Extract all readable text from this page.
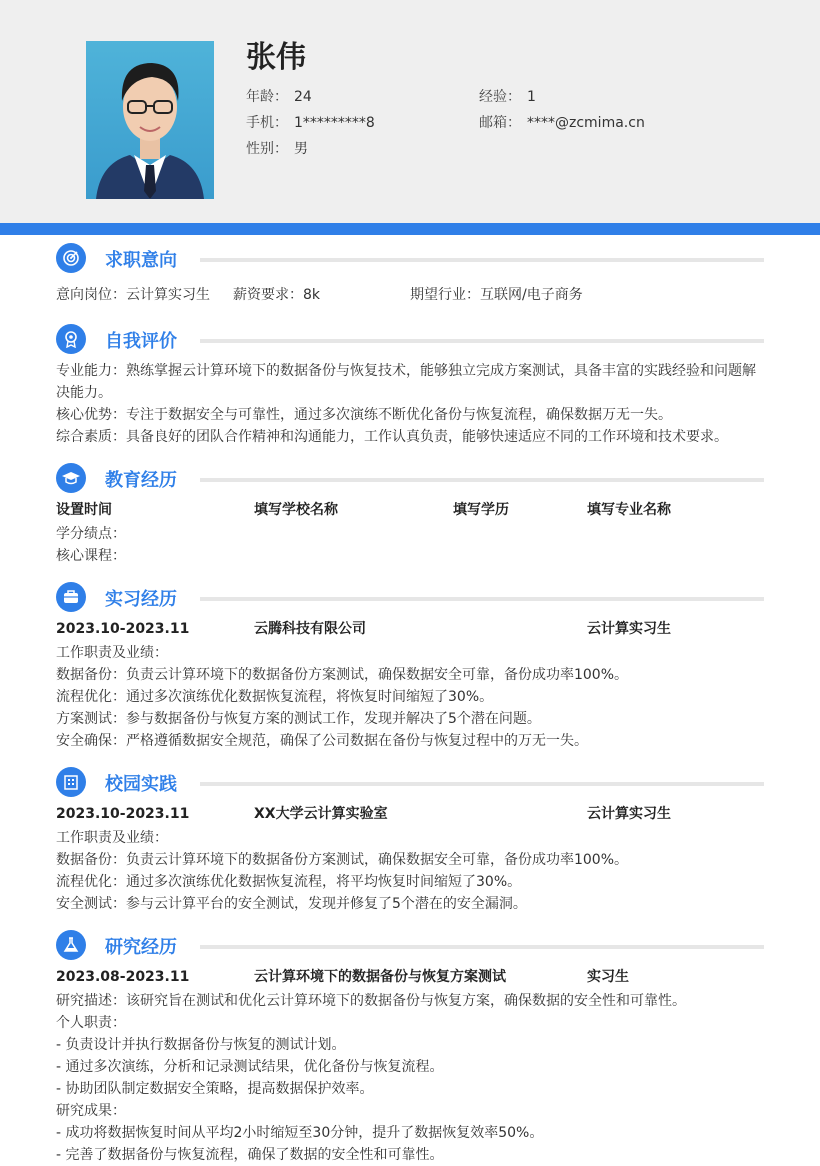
张伟
年龄： 24	经验： 1
手机： 1*********8	邮箱： ****@zcmima.cn
性别： 男
求职意向
意向岗位：云计算实习生 薪资要求：8k	期望行业：互联网/电子商务
自我评价
专业能力：熟练掌握云计算环境下的数据备份与恢复技术，能够独立完成方案测试，具备丰富的实践经验和问题解决能力。
核心优势：专注于数据安全与可靠性，通过多次演练不断优化备份与恢复流程，确保数据万无一失。
综合素质：具备良好的团队合作精神和沟通能力，工作认真负责，能够快速适应不同的工作环境和技术要求。
教育经历
设置时间	填写学校名称	填写学历	填写专业名称
学分绩点：
核心课程：
实习经历
2023.10-2023.11	云腾科技有限公司	云计算实习生
工作职责及业绩：
数据备份：负责云计算环境下的数据备份方案测试，确保数据安全可靠，备份成功率100%。
流程优化：通过多次演练优化数据恢复流程，将恢复时间缩短了30%。
方案测试：参与数据备份与恢复方案的测试工作，发现并解决了5个潜在问题。
安全确保：严格遵循数据安全规范，确保了公司数据在备份与恢复过程中的万无一失。
校园实践
2023.10-2023.11	XX大学云计算实验室	云计算实习生
工作职责及业绩：
数据备份：负责云计算环境下的数据备份方案测试，确保数据安全可靠，备份成功率100%。
流程优化：通过多次演练优化数据恢复流程，将平均恢复时间缩短了30%。
安全测试：参与云计算平台的安全测试，发现并修复了5个潜在的安全漏洞。
研究经历
2023.08-2023.11	云计算环境下的数据备份与恢复方案测试	实习生
研究描述：该研究旨在测试和优化云计算环境下的数据备份与恢复方案，确保数据的安全性和可靠性。
个人职责：
- 负责设计并执行数据备份与恢复的测试计划。
- 通过多次演练，分析和记录测试结果，优化备份与恢复流程。
- 协助团队制定数据安全策略，提高数据保护效率。
研究成果：
- 成功将数据恢复时间从平均2小时缩短至30分钟，提升了数据恢复效率50%。
- 完善了数据备份与恢复流程，确保了数据的安全性和可靠性。
